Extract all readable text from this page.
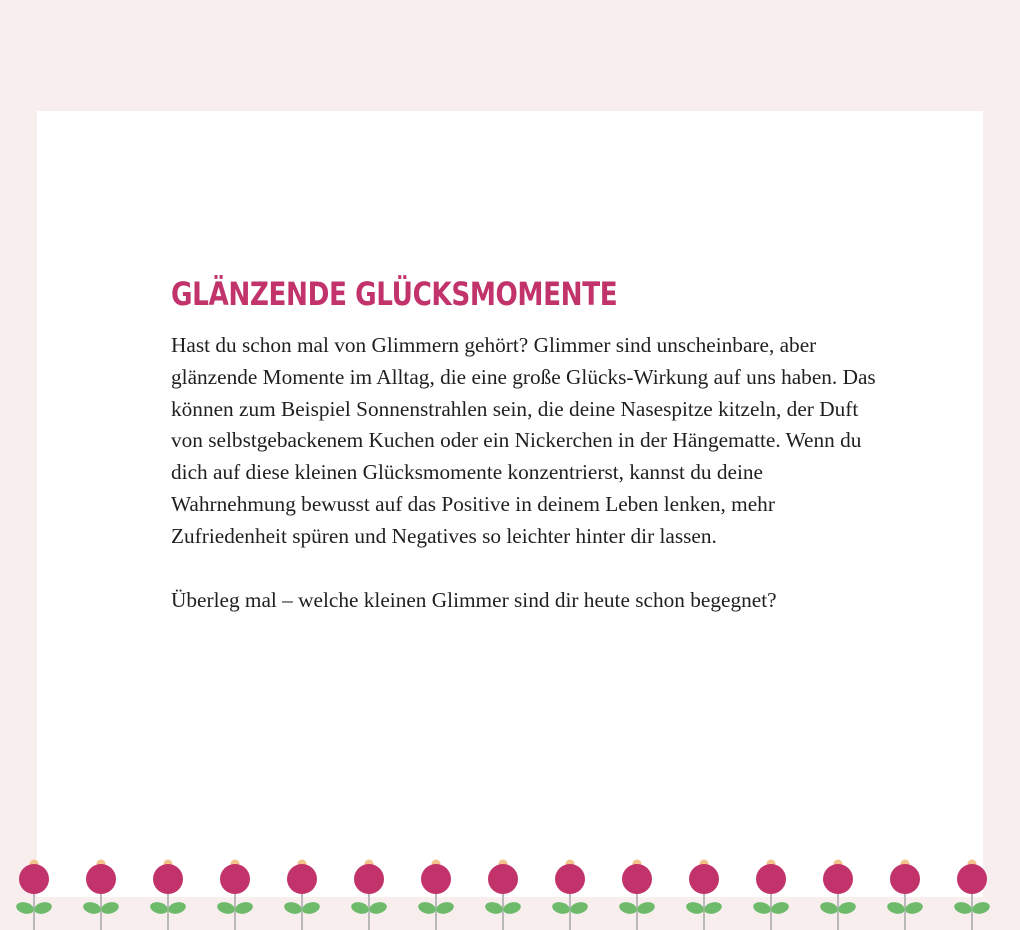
GLÄNZENDE GLÜCKSMOMENTE

Hast du schon mal von Glimmern gehört? Glimmer sind unscheinbare, aber glänzende Momente im Alltag, die eine große Glücks-Wirkung auf uns haben. Das können zum Beispiel Sonnenstrahlen sein, die deine Nasespitze kitzeln, der Duft von selbstgebackenem Kuchen oder ein Nickerchen in der Hängematte. Wenn du dich auf diese kleinen Glücksmomente konzentrierst, kannst du deine Wahrnehmung bewusst auf das Positive in deinem Leben lenken, mehr Zufriedenheit spüren und Negatives so leichter hinter dir lassen.

Überleg mal – welche kleinen Glimmer sind dir heute schon begegnet?
